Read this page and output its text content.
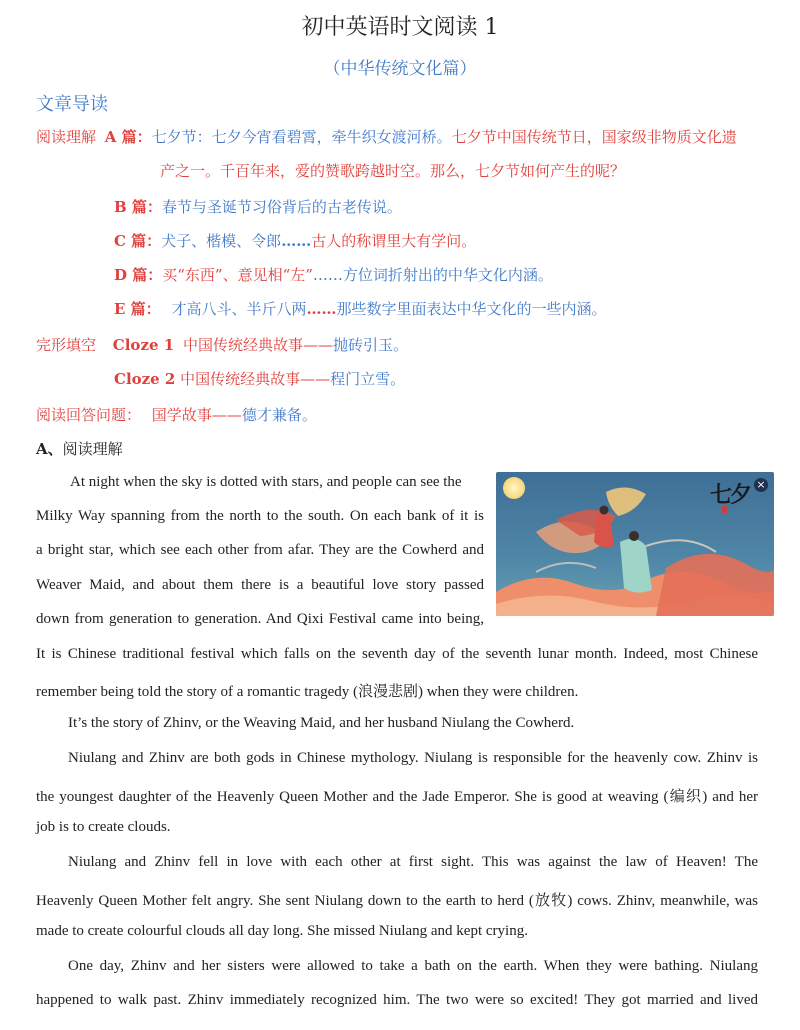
初中英语时文阅读 1
（中华传统文化篇）
文章导读
阅读理解 A 篇：七夕节：七夕今宵看碧霄，牵牛织女渡河桥。七夕节中国传统节日，国家级非物质文化遗
产之一。千百年来，爱的赞歌跨越时空。那么，七夕节如何产生的呢？
B 篇：春节与圣诞节习俗背后的古老传说。
C 篇：犬子、楷模、令郎……古人的称谓里大有学问。
D 篇：买“东西”、意见相“左”……方位词折射出的中华文化内涵。
E 篇： 才高八斗、半斤八两……那些数字里面表达中华文化的一些内涵。
完形填空 Cloze 1 中国传统经典故事——抛砖引玉。
Cloze 2 中国传统经典故事——程门立雪。
阅读回答问题： 国学故事——德才兼备。
A、阅读理解
At night when the sky is dotted with stars, and people can see the
Milky Way spanning from the north to the south. On each bank of it is
a bright star, which see each other from afar. They are the Cowherd and
Weaver Maid, and about them there is a beautiful love story passed
down from generation to generation. And Qixi Festival came into being,
七夕 ×
It is Chinese traditional festival which falls on the seventh day of the seventh lunar month. Indeed, most Chinese
remember being told the story of a romantic tragedy (浪漫悲剧) when they were children.
It’s the story of Zhinv, or the Weaving Maid, and her husband Niulang the Cowherd.
Niulang and Zhinv are both gods in Chinese mythology. Niulang is responsible for the heavenly cow. Zhinv is
the youngest daughter of the Heavenly Queen Mother and the Jade Emperor. She is good at weaving (编织) and her
job is to create clouds.
Niulang and Zhinv fell in love with each other at first sight. This was against the law of Heaven! The
Heavenly Queen Mother felt angry. She sent Niulang down to the earth to herd (放牧) cows. Zhinv, meanwhile, was
made to create colourful clouds all day long. She missed Niulang and kept crying.
One day, Zhinv and her sisters were allowed to take a bath on the earth. When they were bathing. Niulang
happened to walk past. Zhinv immediately recognized him. The two were so excited! They got married and lived
